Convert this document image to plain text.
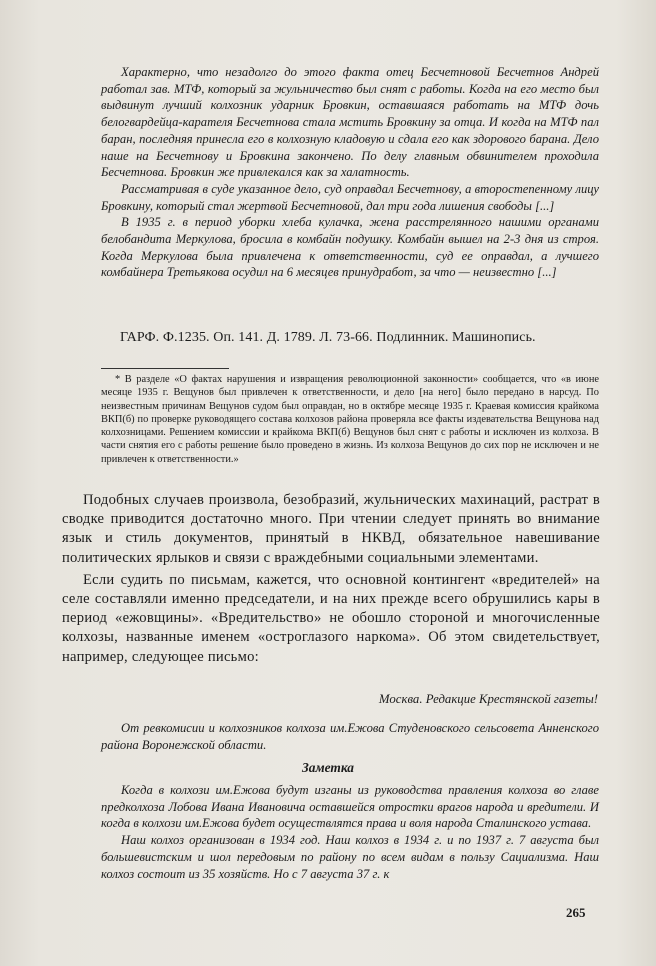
Характерно, что незадолго до этого факта отец Бесчетновой Бесчетнов Андрей работал зав. МТФ, который за жульничество был снят с работы. Когда на его место был выдвинут лучший колхозник ударник Бровкин, оставшаяся работать на МТФ дочь белогвардейца-карателя Бесчетнова стала мстить Бровкину за отца. И когда на МТФ пал баран, последняя принесла его в колхозную кладовую и сдала его как здорового барана. Дело наше на Бесчетнову и Бровкина закончено. По делу главным обвинителем проходила Бесчетнова. Бровкин же привлекался как за халатность.

Рассматривая в суде указанное дело, суд оправдал Бесчетнову, а второстепенному лицу Бровкину, который стал жертвой Бесчетновой, дал три года лишения свободы [...]

В 1935 г. в период уборки хлеба кулачка, жена расстрелянного нашими органами белобандита Меркулова, бросила в комбайн подушку. Комбайн вышел на 2-3 дня из строя. Когда Меркулова была привлечена к ответственности, суд ее оправдал, а лучшего комбайнера Третьякова осудил на 6 месяцев принудработ, за что — неизвестно [...]

ГАРФ. Ф.1235. Оп. 141. Д. 1789. Л. 73-66. Подлинник. Машинопись.

* В разделе «О фактах нарушения и извращения революционной законности» сообщается, что «в июне месяце 1935 г. Вещунов был привлечен к ответственности, и дело [на него] было передано в нарсуд. По неизвестным причинам Вещунов судом был оправдан, но в октябре месяце 1935 г. Краевая комиссия крайкома ВКП(б) по проверке руководящего состава колхозов района проверяла все факты издевательства Вещунова над колхозницами. Решением комиссии и крайкома ВКП(б) Вещунов был снят с работы и исключен из колхоза. В части снятия его с работы решение было проведено в жизнь. Из колхоза Вещунов до сих пор не исключен и не привлечен к ответственности.»

Подобных случаев произвола, безобразий, жульнических махинаций, растрат в сводке приводится достаточно много. При чтении следует принять во внимание язык и стиль документов, принятый в НКВД, обязательное навешивание политических ярлыков и связи с враждебными социальными элементами.

Если судить по письмам, кажется, что основной контингент «вредителей» на селе составляли именно председатели, и на них прежде всего обрушились кары в период «ежовщины». «Вредительство» не обошло стороной и многочисленные колхозы, названные именем «остроглазого наркома». Об этом свидетельствует, например, следующее письмо:

Москва. Редакцие Крестянской газеты!

От ревкомисии и колхозников колхоза им.Ежова Студеновского сельсовета Анненского района Воронежской области.

Заметка

Когда в колхози им.Ежова будут изганы из руководства правления колхоза во главе предколхоза Лобова Ивана Ивановича оставшейся отростки врагов народа и вредители. И когда в колхози им.Ежова будет осуществлятся права и воля народа Сталинского устава.

Наш колхоз организован в 1934 год. Наш колхоз в 1934 г. и по 1937 г. 7 августа был большевистским и шол передовым по району по всем видам в пользу Сациализма. Наш колхоз состоит из 35 хозяйств. Но с 7 августа 37 г. к

265
